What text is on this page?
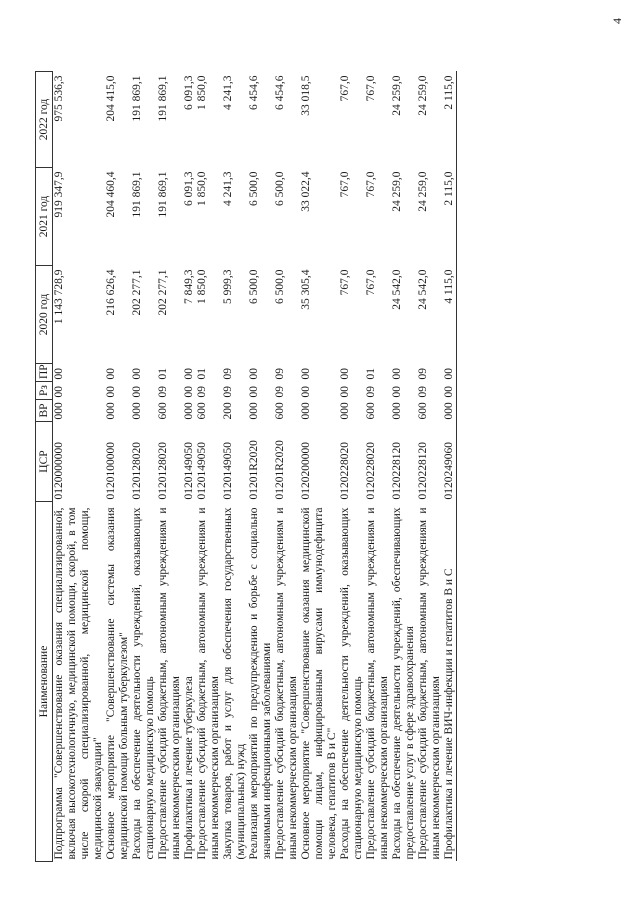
4
Наименование	ЦСР	ВР	Рз	ПР	2020 год	2021 год	2022 год
Подпрограмма "Совершенствование оказания специализированной, включая высокотехнологичную, медицинской помощи, скорой, в том числе скорой специализированной, медицинской помощи, медицинской эвакуации"	0120000000	000	00	00	1 143 728,9	919 347,9	975 536,3
Основное мероприятие "Совершенствование системы оказания медицинской помощи больным туберкулезом"	0120100000	000	00	00	216 626,4	204 460,4	204 415,0
Расходы на обеспечение деятельности учреждений, оказывающих стационарную медицинскую помощь	0120128020	000	00	00	202 277,1	191 869,1	191 869,1
Предоставление субсидий бюджетным, автономным учреждениям и иным некоммерческим организациям	0120128020	600	09	01	202 277,1	191 869,1	191 869,1
Профилактика и лечение туберкулеза	0120149050	000	00	00	7 849,3	6 091,3	6 091,3
Предоставление субсидий бюджетным, автономным учреждениям и иным некоммерческим организациям	0120149050	600	09	01	1 850,0	1 850,0	1 850,0
Закупка товаров, работ и услуг для обеспечения государственных (муниципальных) нужд	0120149050	200	09	09	5 999,3	4 241,3	4 241,3
Реализация мероприятий по предупреждению и борьбе с социально значимыми инфекционными заболеваниями	01201R2020	000	00	00	6 500,0	6 500,0	6 454,6
Предоставление субсидий бюджетным, автономным учреждениям и иным некоммерческим организациям	01201R2020	600	09	09	6 500,0	6 500,0	6 454,6
Основное мероприятие "Совершенствование оказания медицинской помощи лицам, инфицированным вирусами иммунодефицита человека, гепатитов В и С"	0120200000	000	00	00	35 305,4	33 022,4	33 018,5
Расходы на обеспечение деятельности учреждений, оказывающих стационарную медицинскую помощь	0120228020	000	00	00	767,0	767,0	767,0
Предоставление субсидий бюджетным, автономным учреждениям и иным некоммерческим организациям	0120228020	600	09	01	767,0	767,0	767,0
Расходы на обеспечение деятельности учреждений, обеспечивающих предоставление услуг в сфере здравоохранения	0120228120	000	00	00	24 542,0	24 259,0	24 259,0
Предоставление субсидий бюджетным, автономным учреждениям и иным некоммерческим организациям	0120228120	600	09	09	24 542,0	24 259,0	24 259,0
Профилактика и лечение ВИЧ-инфекции и гепатитов В и С	0120249060	000	00	00	4 115,0	2 115,0	2 115,0
